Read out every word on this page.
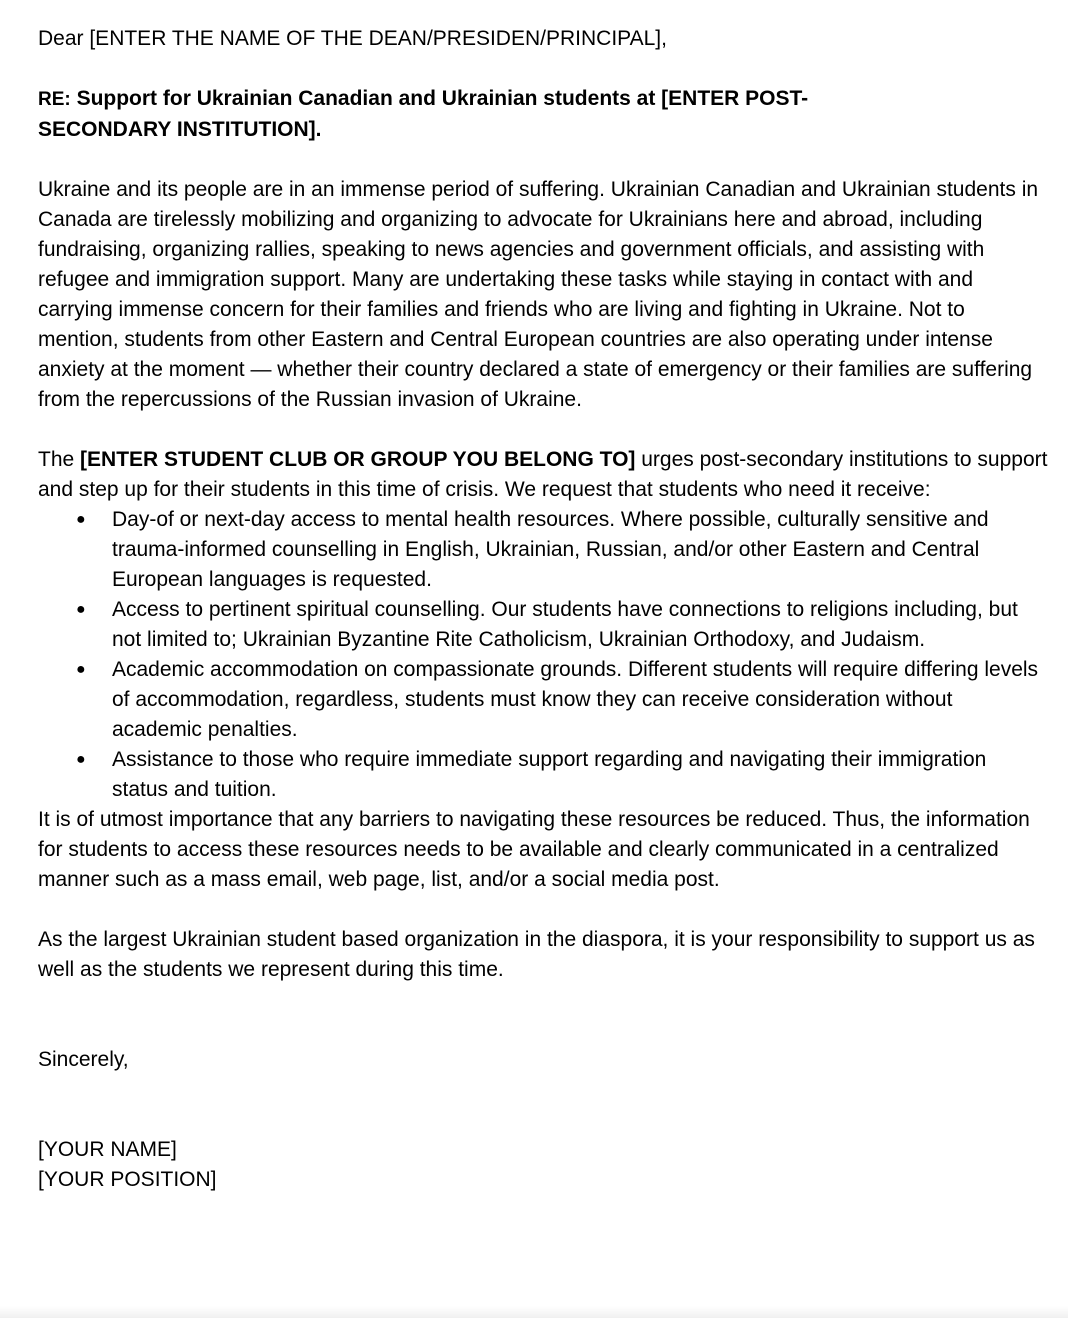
Dear [ENTER THE NAME OF THE DEAN/PRESIDEN/PRINCIPAL],

RE: Support for Ukrainian Canadian and Ukrainian students at [ENTER POST-SECONDARY INSTITUTION].

Ukraine and its people are in an immense period of suffering. Ukrainian Canadian and Ukrainian students in Canada are tirelessly mobilizing and organizing to advocate for Ukrainians here and abroad, including fundraising, organizing rallies, speaking to news agencies and government officials, and assisting with refugee and immigration support. Many are undertaking these tasks while staying in contact with and carrying immense concern for their families and friends who are living and fighting in Ukraine. Not to mention, students from other Eastern and Central European countries are also operating under intense anxiety at the moment — whether their country declared a state of emergency or their families are suffering from the repercussions of the Russian invasion of Ukraine.

The [ENTER STUDENT CLUB OR GROUP YOU BELONG TO] urges post-secondary institutions to support and step up for their students in this time of crisis. We request that students who need it receive:

● Day-of or next-day access to mental health resources. Where possible, culturally sensitive and trauma-informed counselling in English, Ukrainian, Russian, and/or other Eastern and Central European languages is requested.
● Access to pertinent spiritual counselling. Our students have connections to religions including, but not limited to; Ukrainian Byzantine Rite Catholicism, Ukrainian Orthodoxy, and Judaism.
● Academic accommodation on compassionate grounds. Different students will require differing levels of accommodation, regardless, students must know they can receive consideration without academic penalties.
● Assistance to those who require immediate support regarding and navigating their immigration status and tuition.

It is of utmost importance that any barriers to navigating these resources be reduced. Thus, the information for students to access these resources needs to be available and clearly communicated in a centralized manner such as a mass email, web page, list, and/or a social media post.

As the largest Ukrainian student based organization in the diaspora, it is your responsibility to support us as well as the students we represent during this time.

Sincerely,

[YOUR NAME]

[YOUR POSITION]
